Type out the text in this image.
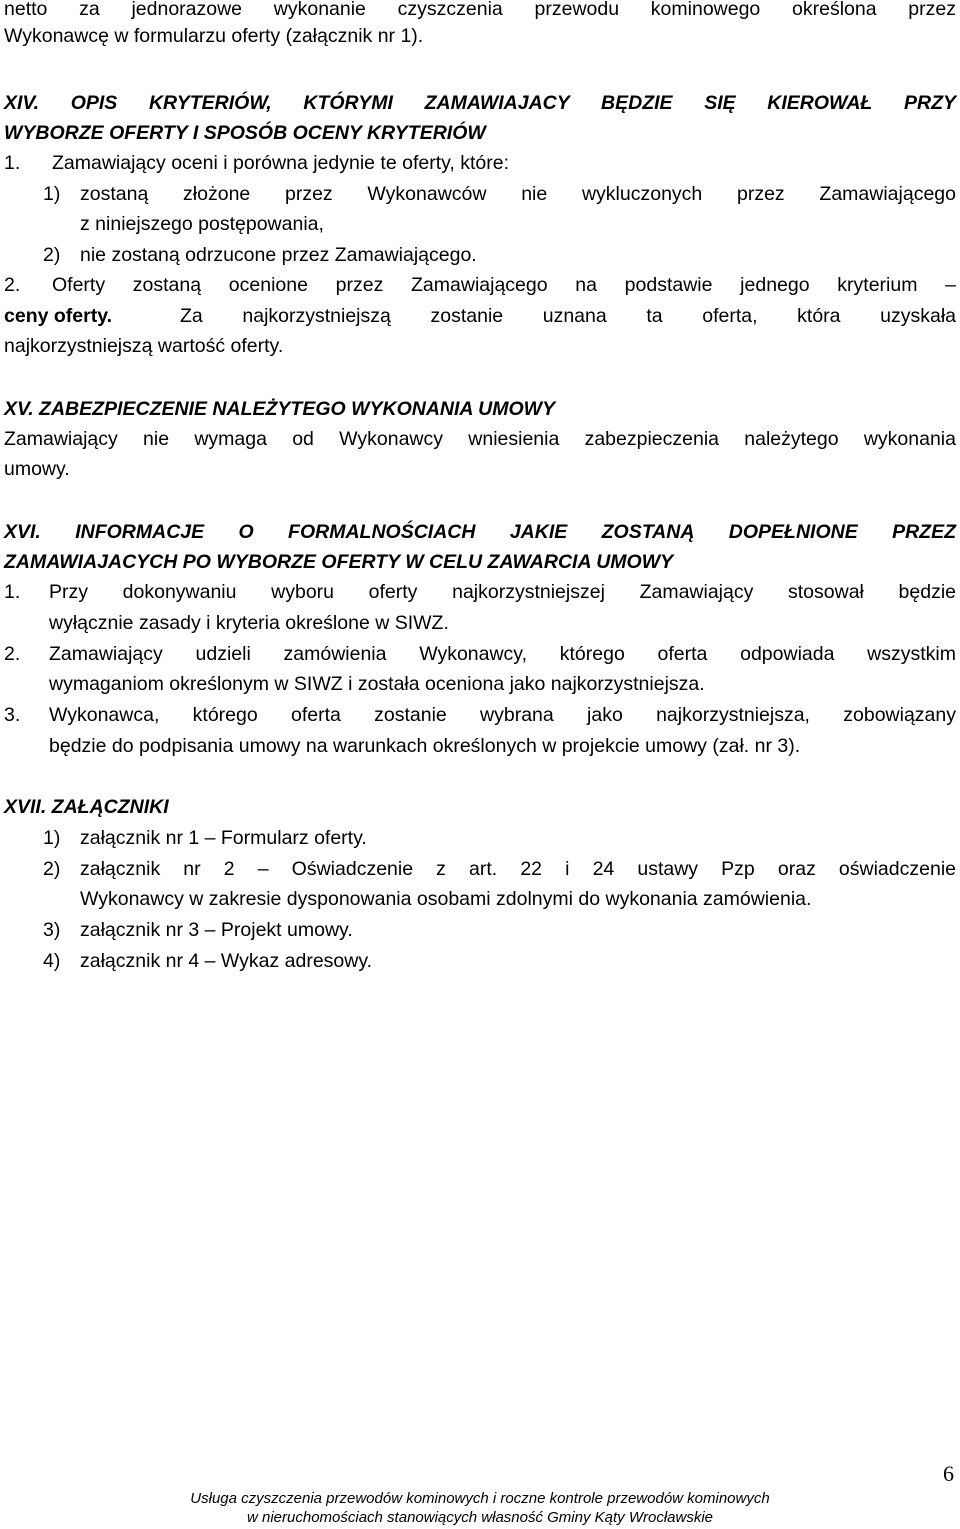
netto za jednorazowe wykonanie czyszczenia przewodu kominowego określona przez
Wykonawcę w formularzu oferty (załącznik nr 1).
XIV. OPIS KRYTERIÓW, KTÓRYMI ZAMAWIAJACY BĘDZIE SIĘ KIEROWAŁ PRZY
WYBORZE OFERTY I SPOSÓB OCENY KRYTERIÓW
1. Zamawiający oceni i porówna jedynie te oferty, które:
1) zostaną złożone przez Wykonawców nie wykluczonych przez Zamawiającego
z niniejszego postępowania,
2) nie zostaną odrzucone przez Zamawiającego.
2. Oferty zostaną ocenione przez Zamawiającego na podstawie jednego kryterium –
ceny oferty.	Za najkorzystniejszą zostanie uznana ta oferta, która uzyskała
najkorzystniejszą wartość oferty.
XV. ZABEZPIECZENIE NALEŻYTEGO WYKONANIA UMOWY
Zamawiający nie wymaga od Wykonawcy wniesienia zabezpieczenia należytego wykonania
umowy.
XVI. INFORMACJE O FORMALNOŚCIACH JAKIE ZOSTANĄ DOPEŁNIONE PRZEZ
ZAMAWIAJACYCH PO WYBORZE OFERTY W CELU ZAWARCIA UMOWY
1. Przy dokonywaniu wyboru oferty najkorzystniejszej Zamawiający stosował będzie
wyłącznie zasady i kryteria określone w SIWZ.
2. Zamawiający udzieli zamówienia Wykonawcy, którego oferta odpowiada wszystkim
wymaganiom określonym w SIWZ i została oceniona jako najkorzystniejsza.
3. Wykonawca, którego oferta zostanie wybrana jako najkorzystniejsza, zobowiązany
będzie do podpisania umowy na warunkach określonych w projekcie umowy (zał. nr 3).
XVII. ZAŁĄCZNIKI
1) załącznik nr 1 – Formularz oferty.
2) załącznik nr 2 – Oświadczenie z art. 22 i 24 ustawy Pzp oraz oświadczenie
Wykonawcy w zakresie dysponowania osobami zdolnymi do wykonania zamówienia.
3) załącznik nr 3 – Projekt umowy.
4) załącznik nr 4 – Wykaz adresowy.
6
Usługa czyszczenia przewodów kominowych i roczne kontrole przewodów kominowych
w nieruchomościach stanowiących własność Gminy Kąty Wrocławskie
